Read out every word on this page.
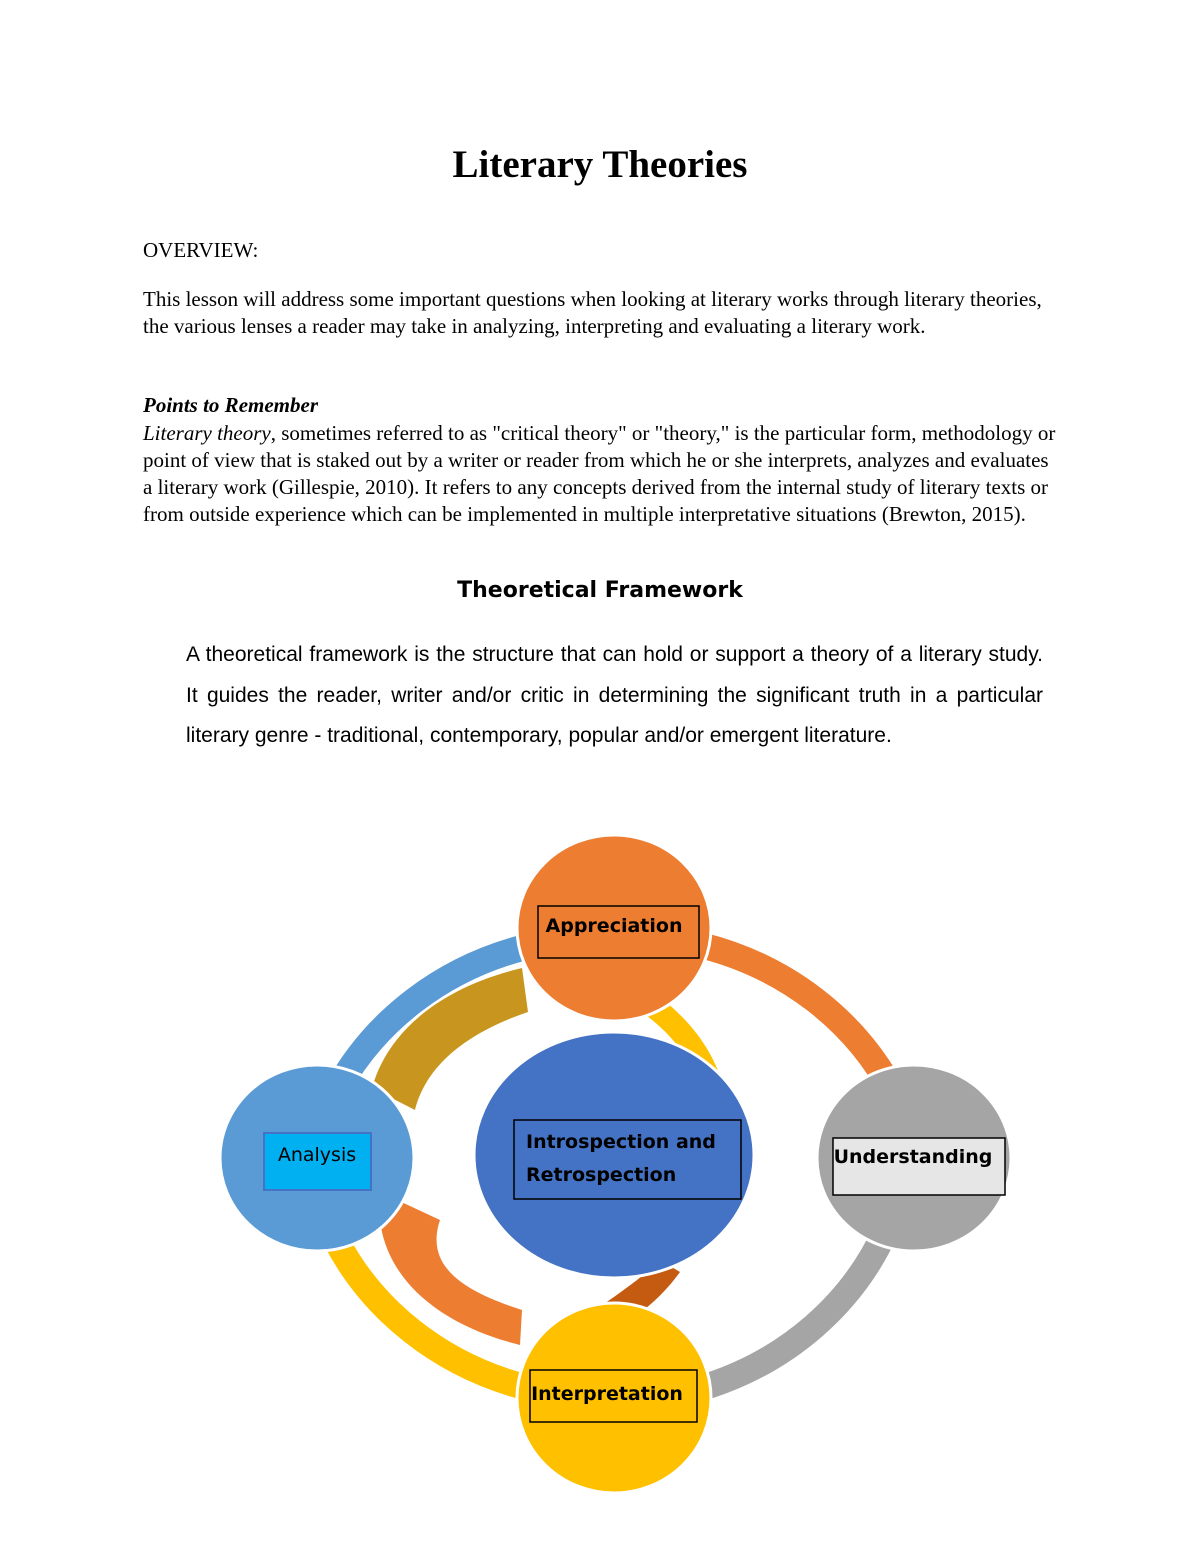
Literary Theories
OVERVIEW:

This lesson will address some important questions when looking at literary works through literary theories, the various lenses a reader may take in analyzing, interpreting and evaluating a literary work.

Points to Remember

Literary theory, sometimes referred to as "critical theory" or "theory," is the particular form, methodology or point of view that is staked out by a writer or reader from which he or she interprets, analyzes and evaluates a literary work (Gillespie, 2010). It refers to any concepts derived from the internal study of literary texts or from outside experience which can be implemented in multiple interpretative situations (Brewton, 2015).

Theoretical Framework

A theoretical framework is the structure that can hold or support a theory of a literary study. It guides the reader, writer and/or critic in determining the significant truth in a particular literary genre - traditional, contemporary, popular and/or emergent literature.

Introspection and
Retrospection
Appreciation
Understanding
Interpretation
Analysis
